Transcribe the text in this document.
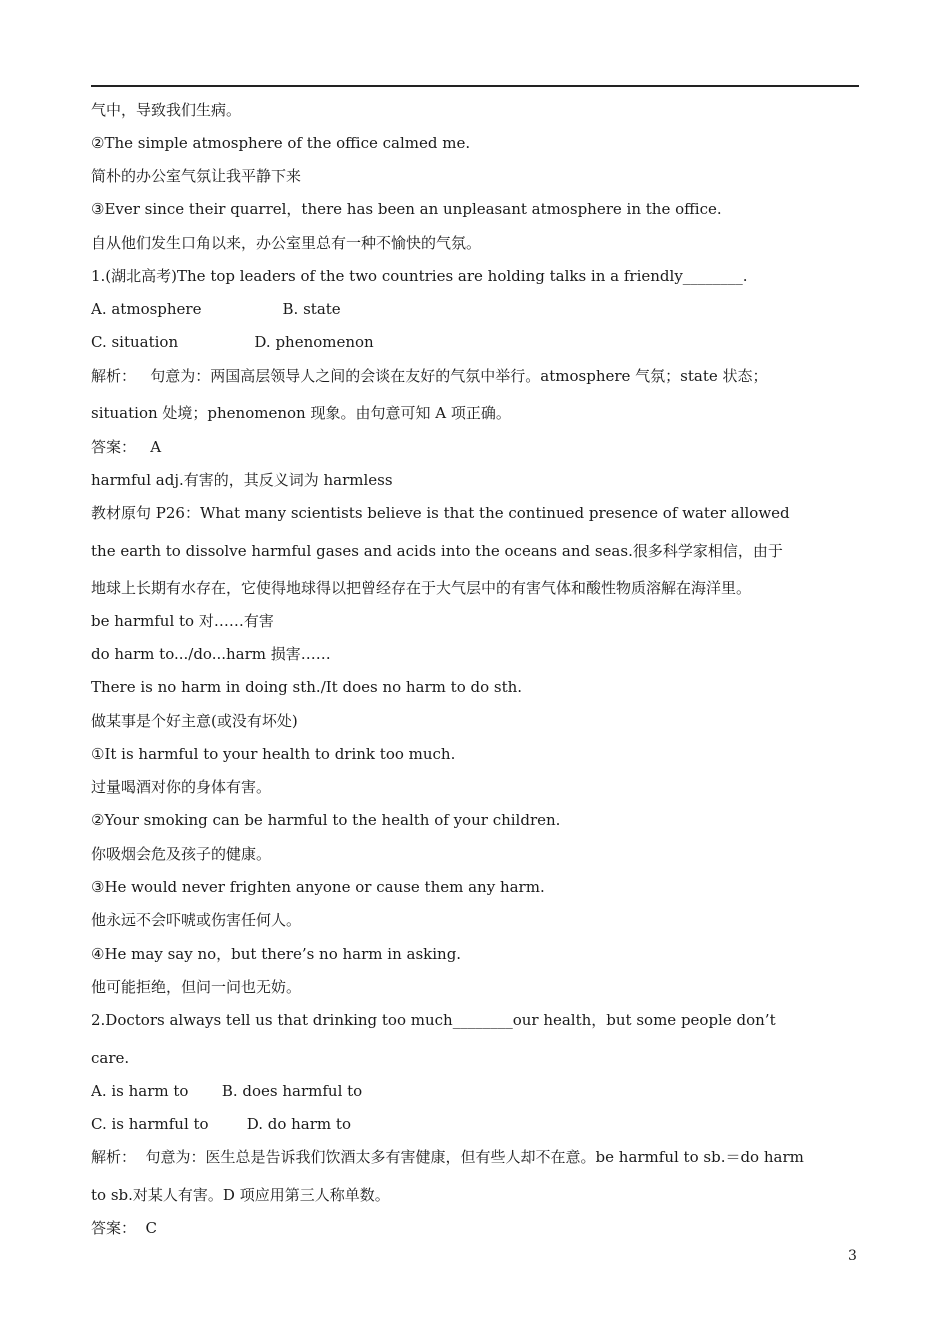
气中，导致我们生病。
②The simple atmosphere of the office calmed me.
简朴的办公室气氛让我平静下来
③Ever since their quarrel，there has been an unpleasant atmosphere in the office.
自从他们发生口角以来，办公室里总有一种不愉快的气氛。
1.(湖北高考)The top leaders of the two countries are holding talks in a friendly________.
A. atmosphere                 B. state
C. situation                D. phenomenon
解析：   句意为：两国高层领导人之间的会谈在友好的气氛中举行。atmosphere 气氛；state 状态；
situation 处境；phenomenon 现象。由句意可知 A 项正确。
答案：   A
harmful adj.有害的，其反义词为 harmless
教材原句 P26：What many scientists believe is that the continued presence of water allowed
the earth to dissolve harmful gases and acids into the oceans and seas.很多科学家相信，由于
地球上长期有水存在，它使得地球得以把曾经存在于大气层中的有害气体和酸性物质溶解在海洋里。
be harmful to 对……有害
do harm to.../do...harm 损害……
There is no harm in doing sth./It does no harm to do sth.
做某事是个好主意(或没有坏处)
①It is harmful to your health to drink too much.
过量喝酒对你的身体有害。
②Your smoking can be harmful to the health of your children.
你吸烟会危及孩子的健康。
③He would never frighten anyone or cause them any harm.
他永远不会吓唬或伤害任何人。
④He may say no，but there’s no harm in asking.
他可能拒绝，但问一问也无妨。
2.Doctors always tell us that drinking too much________our health，but some people don’t
care.
A. is harm to       B. does harmful to
C. is harmful to        D. do harm to
解析：  句意为：医生总是告诉我们饮酒太多有害健康，但有些人却不在意。be harmful to sb.＝do harm
to sb.对某人有害。D 项应用第三人称单数。
答案：  C
3
